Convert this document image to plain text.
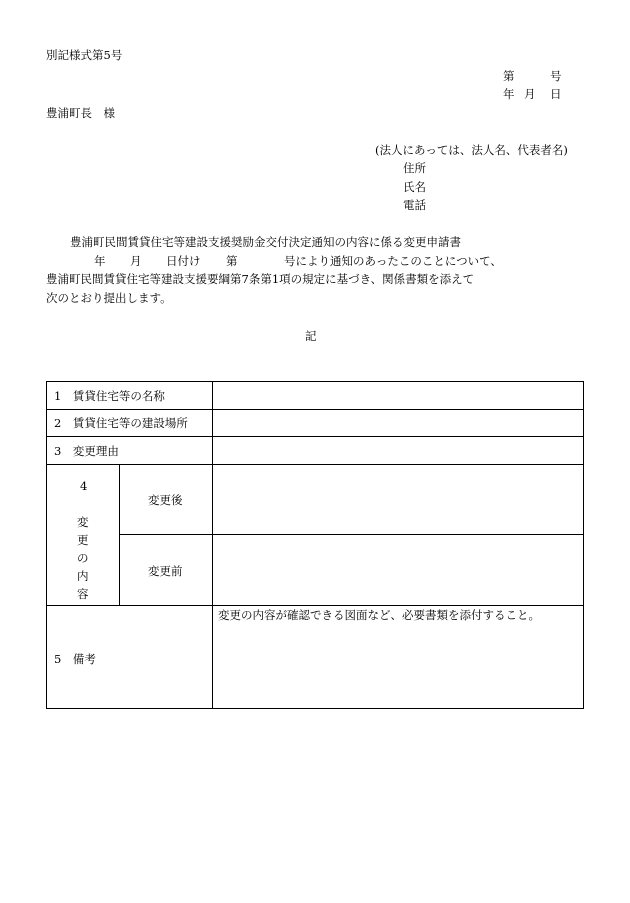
別記様式第5号
第	号
年 月 日
豊浦町長　様
(法人にあっては、法人名、代表者名)
住所
氏名
電話
豊浦町民間賃貸住宅等建設支援奨励金交付決定通知の内容に係る変更申請書
年 月 日付け 第	号により通知のあったこのことについて、
豊浦町民間賃貸住宅等建設支援要綱第7条第1項の規定に基づき、関係書類を添えて
次のとおり提出します。
記
1　賃貸住宅等の名称
2　賃貸住宅等の建設場所
3　変更理由
4
変
更
の
内
容
変更後
変更前
5　備考
変更の内容が確認できる図面など、必要書類を添付すること。
